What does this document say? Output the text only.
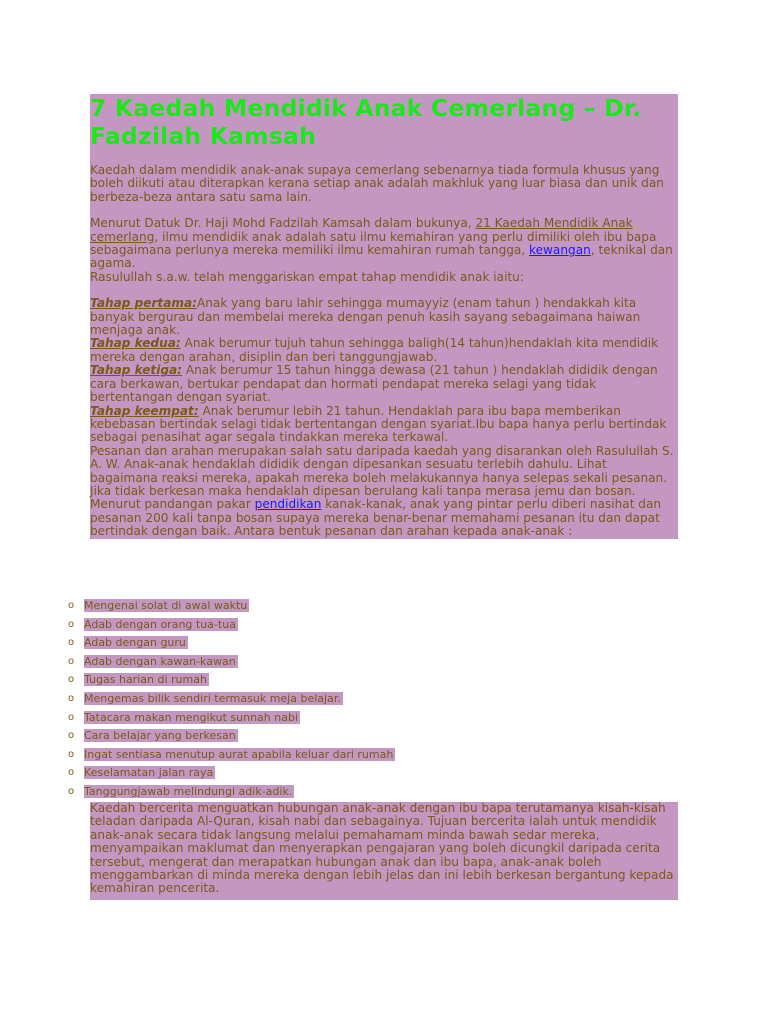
7 Kaedah Mendidik Anak Cemerlang – Dr. Fadzilah Kamsah

Kaedah dalam mendidik anak-anak supaya cemerlang sebenarnya tiada formula khusus yang boleh diikuti atau diterapkan kerana setiap anak adalah makhluk yang luar biasa dan unik dan berbeza-beza antara satu sama lain.

Menurut Datuk Dr. Haji Mohd Fadzilah Kamsah dalam bukunya, 21 Kaedah Mendidik Anak cemerlang, ilmu mendidik anak adalah satu ilmu kemahiran yang perlu dimiliki oleh ibu bapa sebagaimana perlunya mereka memiliki ilmu kemahiran rumah tangga, kewangan, teknikal dan agama.

Rasulullah s.a.w. telah menggariskan empat tahap mendidik anak iaitu:

Tahap pertama:Anak yang baru lahir sehingga mumayyiz (enam tahun ) hendakkah kita banyak bergurau dan membelai mereka dengan penuh kasih sayang sebagaimana haiwan menjaga anak.

Tahap kedua: Anak berumur tujuh tahun sehingga baligh(14 tahun)hendaklah kita mendidik mereka dengan arahan, disiplin dan beri tanggungjawab.

Tahap ketiga: Anak berumur 15 tahun hingga dewasa (21 tahun ) hendaklah dididik dengan cara berkawan, bertukar pendapat dan hormati pendapat mereka selagi yang tidak bertentangan dengan syariat.

Tahap keempat: Anak berumur lebih 21 tahun. Hendaklah para ibu bapa memberikan kebebasan bertindak selagi tidak bertentangan dengan syariat.Ibu bapa hanya perlu bertindak sebagai penasihat agar segala tindakkan mereka terkawal.

Pesanan dan arahan merupakan salah satu daripada kaedah yang disarankan oleh Rasulullah S. A. W. Anak-anak hendaklah dididik dengan dipesankan sesuatu terlebih dahulu. Lihat bagaimana reaksi mereka, apakah mereka boleh melakukannya hanya selepas sekali pesanan. Jika tidak berkesan maka hendaklah dipesan berulang kali tanpa merasa jemu dan bosan. Menurut pandangan pakar pendidikan kanak-kanak, anak yang pintar perlu diberi nasihat dan pesanan 200 kali tanpa bosan supaya mereka benar-benar memahami pesanan itu dan dapat bertindak dengan baik. Antara bentuk pesanan dan arahan kepada anak-anak :

o Mengenai solat di awal waktu
o Adab dengan orang tua-tua
o Adab dengan guru
o Adab dengan kawan-kawan
o Tugas harian di rumah
o Mengemas bilik sendiri termasuk meja belajar.
o Tatacara makan mengikut sunnah nabi
o Cara belajar yang berkesan
o Ingat sentiasa menutup aurat apabila keluar dari rumah
o Keselamatan jalan raya
o Tanggungjawab melindungi adik-adik.
Kaedah bercerita menguatkan hubungan anak-anak dengan ibu bapa terutamanya kisah-kisah teladan daripada Al-Quran, kisah nabi dan sebagainya. Tujuan bercerita ialah untuk mendidik anak-anak secara tidak langsung melalui pemahamam minda bawah sedar mereka, menyampaikan maklumat dan menyerapkan pengajaran yang boleh dicungkil daripada cerita tersebut, mengerat dan merapatkan hubungan anak dan ibu bapa, anak-anak boleh menggambarkan di minda mereka dengan lebih jelas dan ini lebih berkesan bergantung kepada kemahiran pencerita.
